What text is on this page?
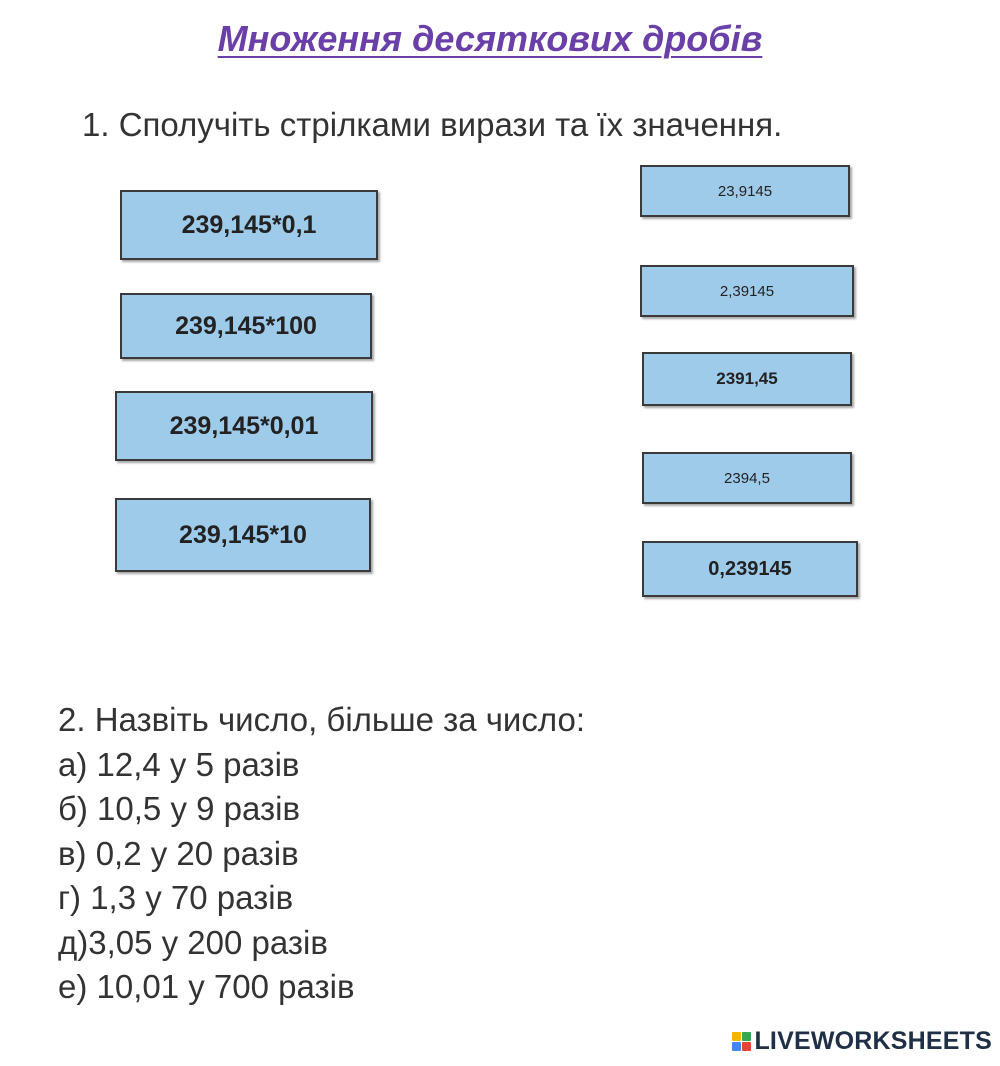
Множення десяткових дробів
1. Сполучіть стрілками вирази та їх значення.
239,145*0,1
239,145*100
239,145*0,01
239,145*10
23,9145
2,39145
2391,45
2394,5
0,239145
2. Назвіть число, більше за число:
а) 12,4 у 5 разів
б) 10,5 у 9 разів
в) 0,2 у 20 разів
г) 1,3 у 70 разів
д)3,05 у 200 разів
е) 10,01 у 700 разів
LIVEWORKSHEETS
